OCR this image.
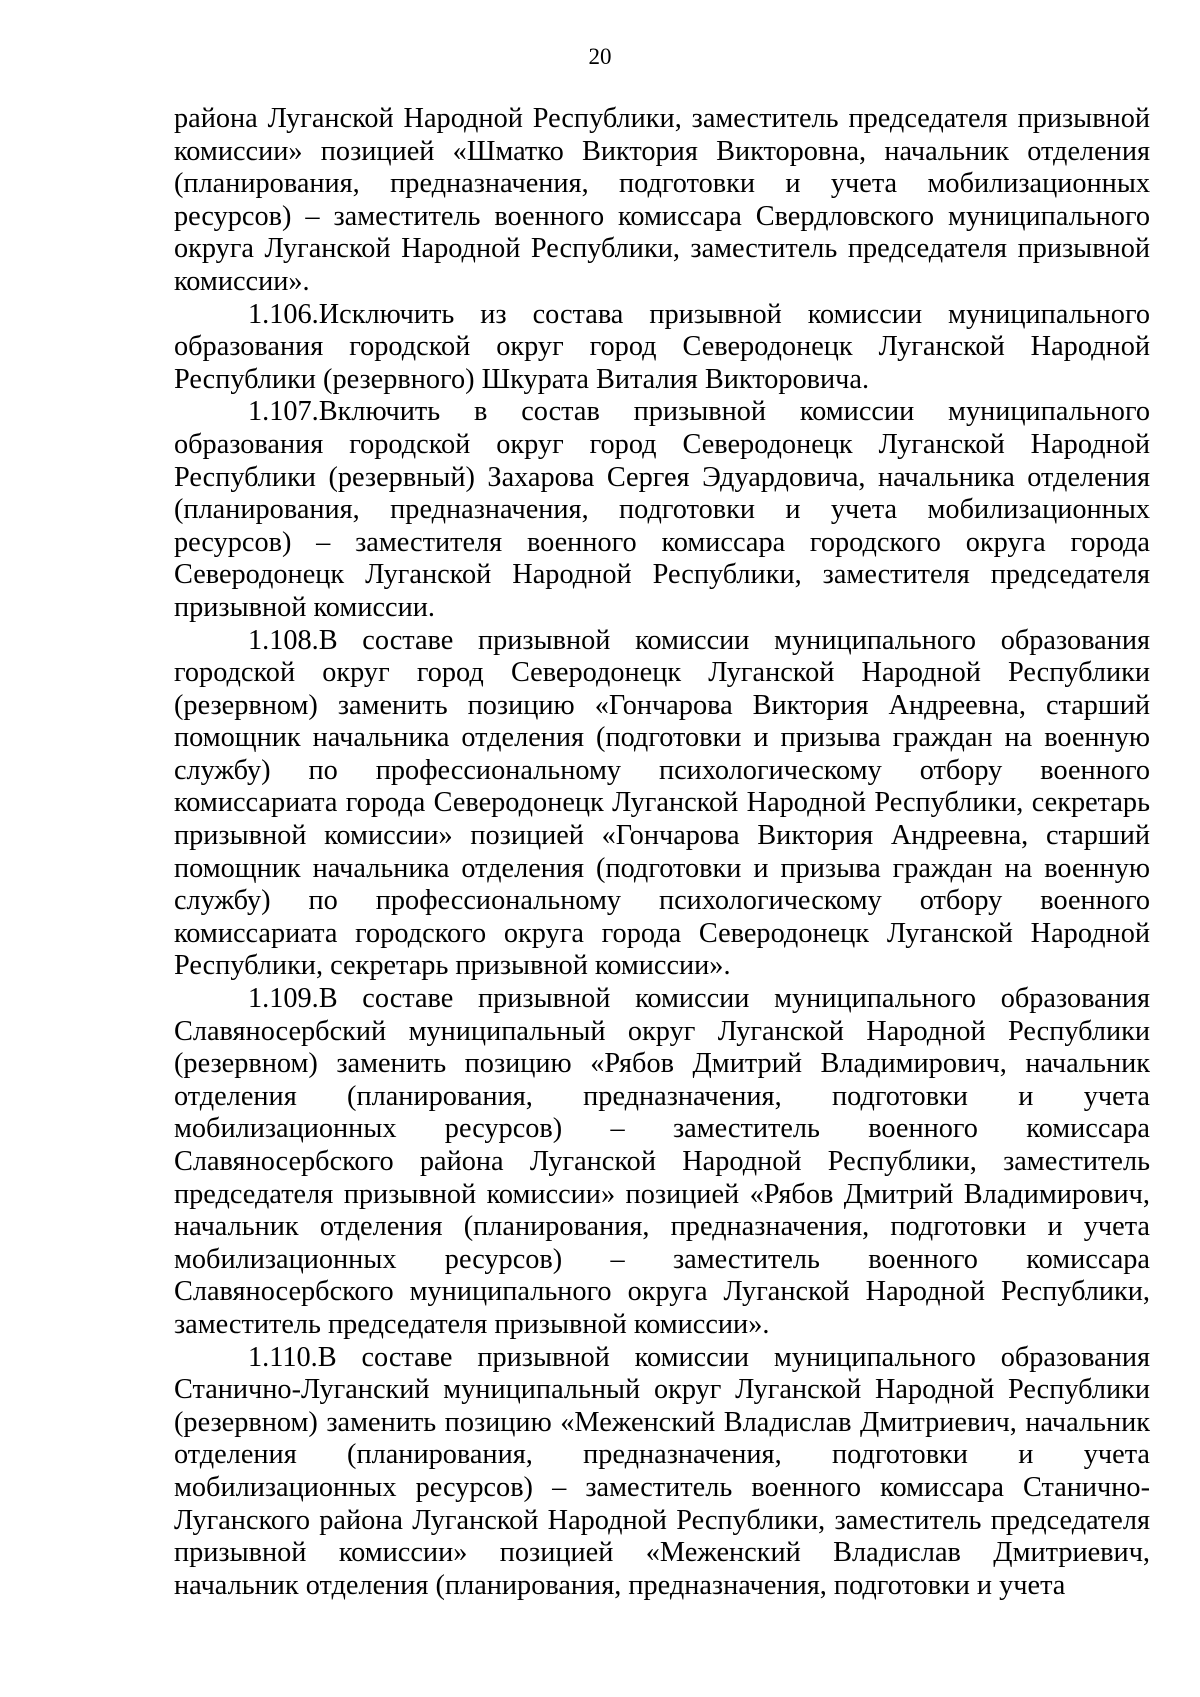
20

района Луганской Народной Республики, заместитель председателя призывной комиссии» позицией «Шматко Виктория Викторовна, начальник отделения (планирования, предназначения, подготовки и учета мобилизационных ресурсов) – заместитель военного комиссара Свердловского муниципального округа Луганской Народной Республики, заместитель председателя призывной комиссии».

1.106.Исключить из состава призывной комиссии муниципального образования городской округ город Северодонецк Луганской Народной Республики (резервного) Шкурата Виталия Викторовича.

1.107.Включить в состав призывной комиссии муниципального образования городской округ город Северодонецк Луганской Народной Республики (резервный) Захарова Сергея Эдуардовича, начальника отделения (планирования, предназначения, подготовки и учета мобилизационных ресурсов) – заместителя военного комиссара городского округа города Северодонецк Луганской Народной Республики, заместителя председателя призывной комиссии.

1.108.В составе призывной комиссии муниципального образования городской округ город Северодонецк Луганской Народной Республики (резервном) заменить позицию «Гончарова Виктория Андреевна, старший помощник начальника отделения (подготовки и призыва граждан на военную службу) по профессиональному психологическому отбору военного комиссариата города Северодонецк Луганской Народной Республики, секретарь призывной комиссии» позицией «Гончарова Виктория Андреевна, старший помощник начальника отделения (подготовки и призыва граждан на военную службу) по профессиональному психологическому отбору военного комиссариата городского округа города Северодонецк Луганской Народной Республики, секретарь призывной комиссии».

1.109.В составе призывной комиссии муниципального образования Славяносербский муниципальный округ Луганской Народной Республики (резервном) заменить позицию «Рябов Дмитрий Владимирович, начальник отделения (планирования, предназначения, подготовки и учета мобилизационных ресурсов) – заместитель военного комиссара Славяносербского района Луганской Народной Республики, заместитель председателя призывной комиссии» позицией «Рябов Дмитрий Владимирович, начальник отделения (планирования, предназначения, подготовки и учета мобилизационных ресурсов) – заместитель военного комиссара Славяносербского муниципального округа Луганской Народной Республики, заместитель председателя призывной комиссии».

1.110.В составе призывной комиссии муниципального образования Станично-Луганский муниципальный округ Луганской Народной Республики (резервном) заменить позицию «Меженский Владислав Дмитриевич, начальник отделения (планирования, предназначения, подготовки и учета мобилизационных ресурсов) – заместитель военного комиссара Станично-Луганского района Луганской Народной Республики, заместитель председателя призывной комиссии» позицией «Меженский Владислав Дмитриевич, начальник отделения (планирования, предназначения, подготовки и учета
